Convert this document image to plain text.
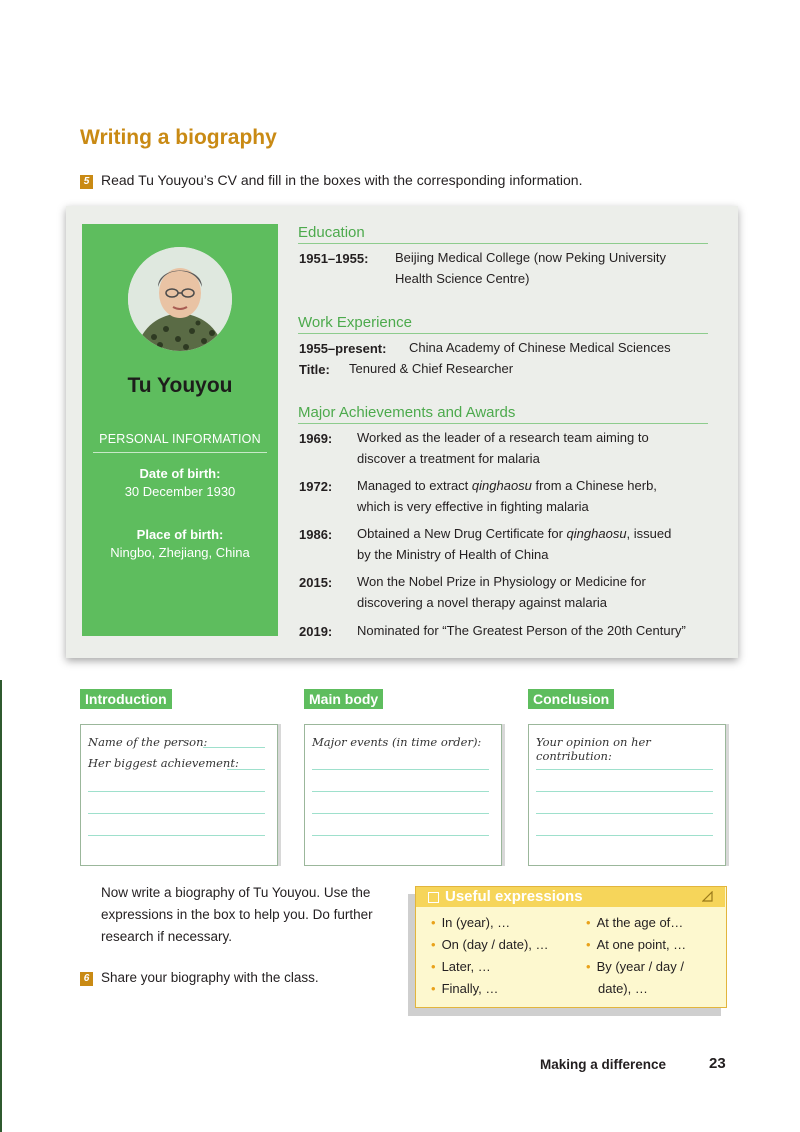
Writing a biography
5 Read Tu Youyou’s CV and fill in the boxes with the corresponding information.
Tu Youyou
PERSONAL INFORMATION
Date of birth:
30 December 1930
Place of birth:
Ningbo, Zhejiang, China
Education
1951–1955: Beijing Medical College (now Peking University
Health Science Centre)
Work Experience
1955–present: China Academy of Chinese Medical Sciences
Title: Tenured & Chief Researcher
Major Achievements and Awards
1969: Worked as the leader of a research team aiming to
discover a treatment for malaria
1972: Managed to extract qinghaosu from a Chinese herb,
which is very effective in fighting malaria
1986: Obtained a New Drug Certificate for qinghaosu, issued
by the Ministry of Health of China
2015: Won the Nobel Prize in Physiology or Medicine for
discovering a novel therapy against malaria
2019: Nominated for “The Greatest Person of the 20th Century”
Introduction
Name of the person:
Her biggest achievement:
Main body
Major events (in time order):
Conclusion
Your opinion on her contribution:
Now write a biography of Tu Youyou. Use the expressions in the box to help you. Do further research if necessary.
6 Share your biography with the class.
Useful expressions
• In (year), …
• On (day / date), …
• Later, …
• Finally, …
• At the age of…
• At one point, …
• By (year / day /
date), …
Making a difference	23
